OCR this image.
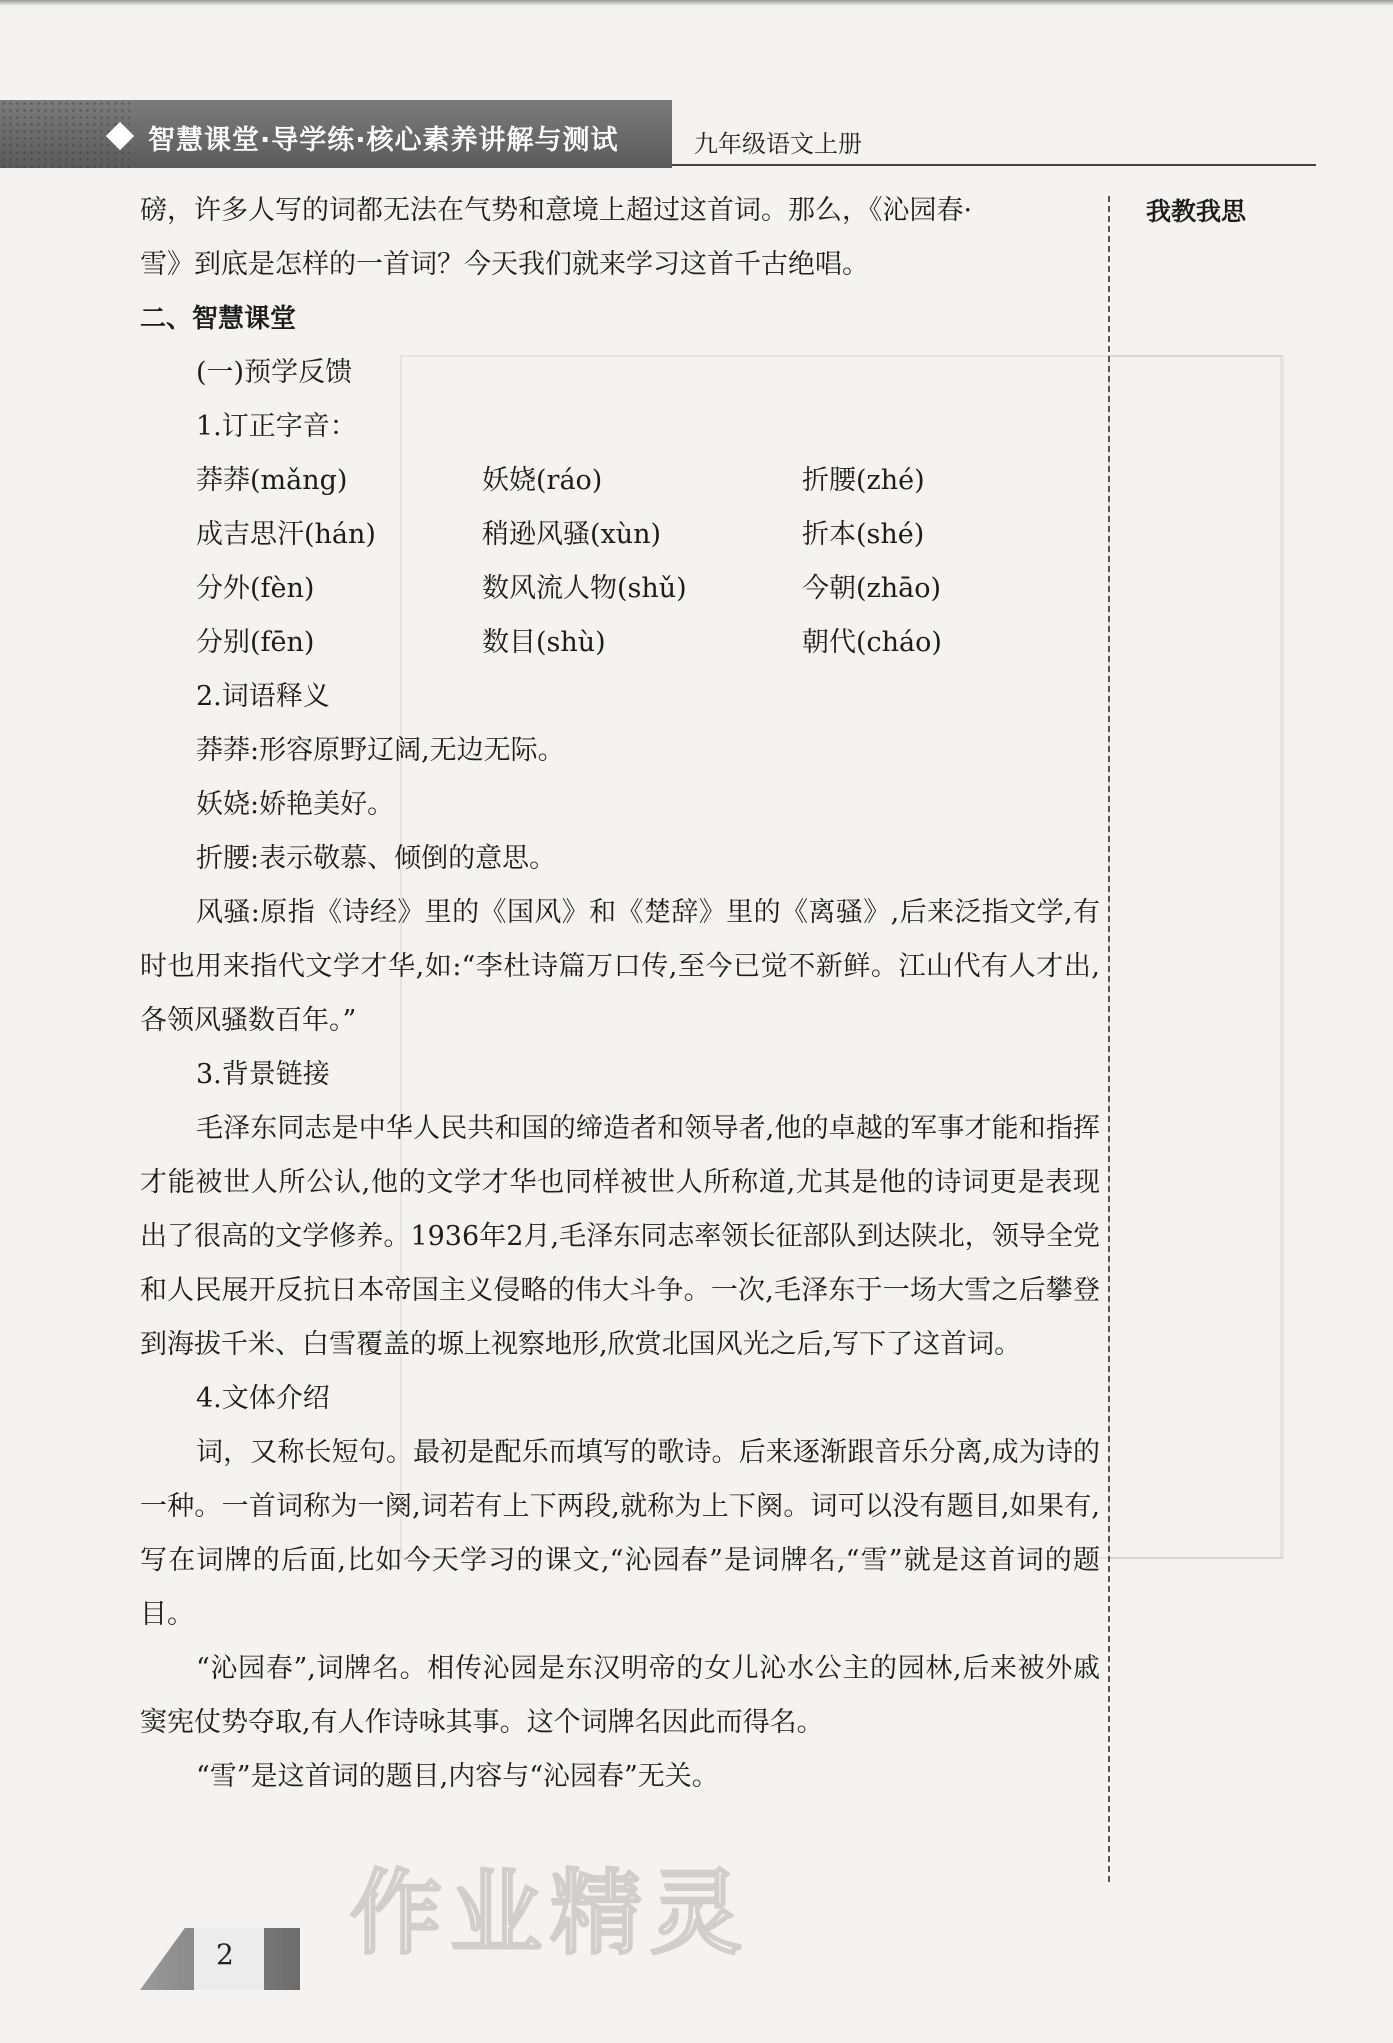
智慧课堂·导学练·核心素养讲解与测试	九年级语文上册
我教我思

磅，许多人写的词都无法在气势和意境上超过这首词。那么，《沁园春·

雪》到底是怎样的一首词？今天我们就来学习这首千古绝唱。

二、智慧课堂

(一)预学反馈

1.订正字音：

莽莽(mǎng)	妖娆(ráo)	折腰(zhé)
成吉思汗(hán)	稍逊风骚(xùn)	折本(shé)
分外(fèn)	数风流人物(shǔ)	今朝(zhāo)
分别(fēn)	数目(shù)	朝代(cháo)

2.词语释义

莽莽:形容原野辽阔,无边无际。

妖娆:娇艳美好。

折腰:表示敬慕、倾倒的意思。

风骚:原指《诗经》里的《国风》和《楚辞》里的《离骚》,后来泛指文学,有时也用来指代文学才华,如:“李杜诗篇万口传,至今已觉不新鲜。江山代有人才出,各领风骚数百年。”

3.背景链接

毛泽东同志是中华人民共和国的缔造者和领导者,他的卓越的军事才能和指挥才能被世人所公认,他的文学才华也同样被世人所称道,尤其是他的诗词更是表现出了很高的文学修养。1936年2月,毛泽东同志率领长征部队到达陕北，领导全党和人民展开反抗日本帝国主义侵略的伟大斗争。一次,毛泽东于一场大雪之后攀登到海拔千米、白雪覆盖的塬上视察地形,欣赏北国风光之后,写下了这首词。

4.文体介绍

词，又称长短句。最初是配乐而填写的歌诗。后来逐渐跟音乐分离,成为诗的一种。一首词称为一阕,词若有上下两段,就称为上下阕。词可以没有题目,如果有,写在词牌的后面,比如今天学习的课文,“沁园春”是词牌名,“雪”就是这首词的题目。

“沁园春”,词牌名。相传沁园是东汉明帝的女儿沁水公主的园林,后来被外戚窦宪仗势夺取,有人作诗咏其事。这个词牌名因此而得名。

“雪”是这首词的题目,内容与“沁园春”无关。

作业精灵
2
